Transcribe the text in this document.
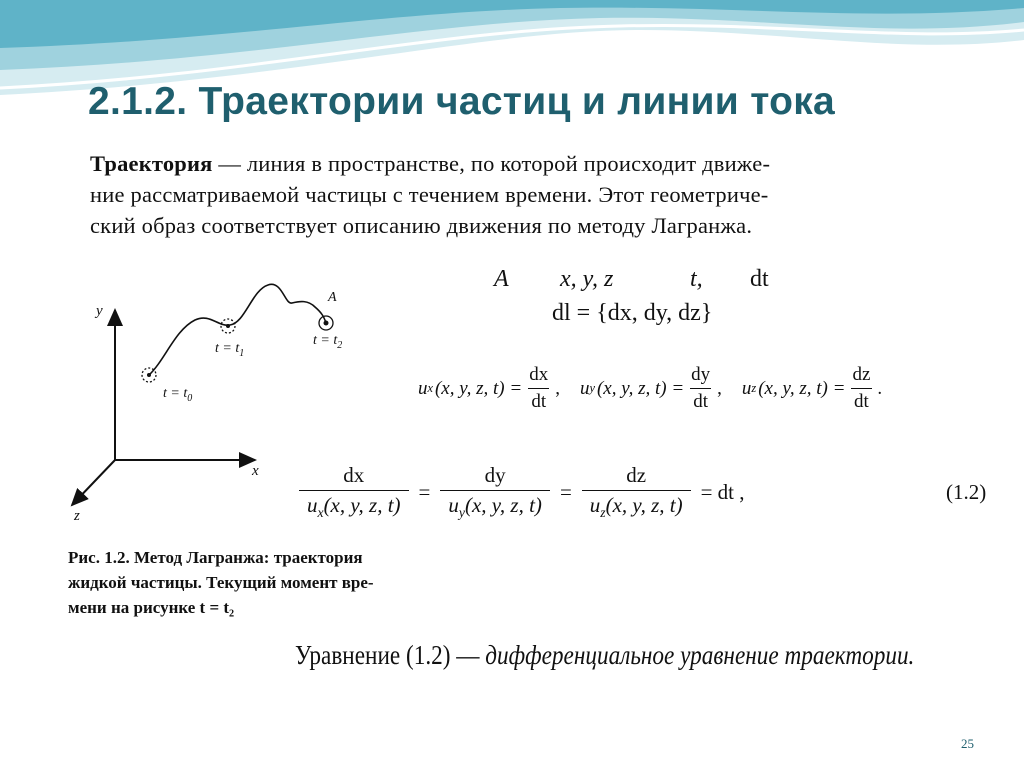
2.1.2. Траектории частиц и линии тока
Траектория — линия в пространстве, по которой происходит движе-
ние рассматриваемой частицы с течением времени. Этот геометриче-
ский образ соответствует описанию движения по методу Лагранжа.
y
x
z
A
$t = t_0$
$t = t_1$
$t = t_2$
Рис. 1.2. Метод Лагранжа: траектория
жидкой частицы. Текущий момент вре-
мени на рисунке t = t₂
A	x, y, z	t,	dt
dl = {dx, dy, dz}
u x (x, y, z, $t) = \frac{dx}{dt}$ , u y (x, y, z, $t) = \frac{dy}{dt}$ , u z (x, y, z, $t) = \frac{dz}{dt}$ .
$\frac{dx}{u_x(x, y, z, t)} = \frac{dy}{u_y(x, y, z, t)} = \frac{dz}{u_z(x, y, z, t)}$ = dt ,	(1.2)
Уравнение (1.2) — дифференциальное уравнение траектории.
25
